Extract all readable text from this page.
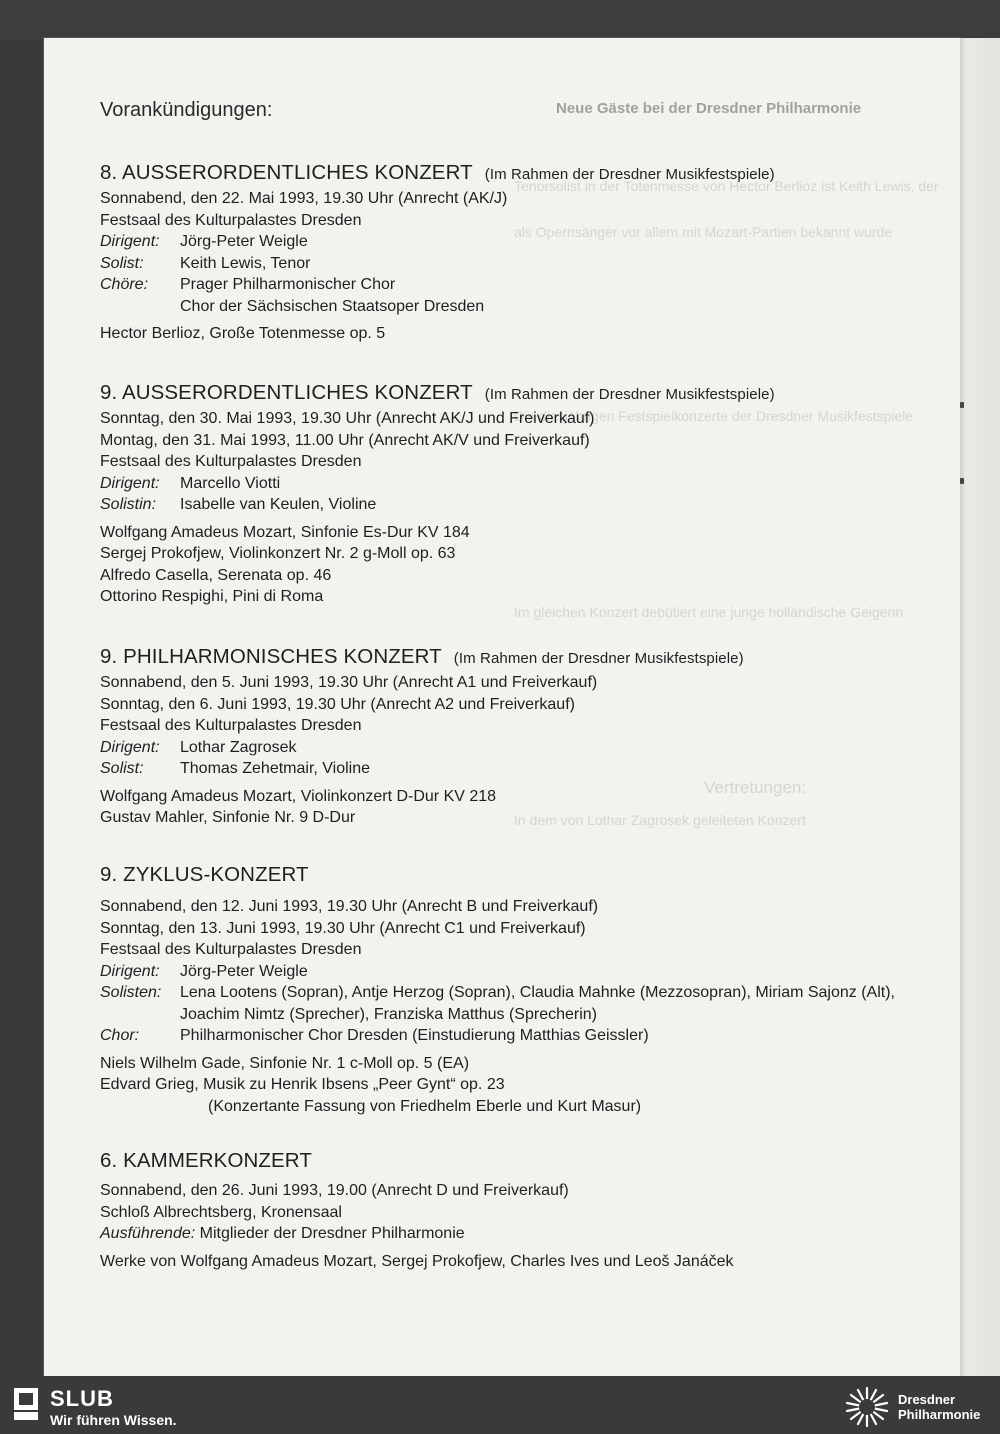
Neue Gäste bei der Dresdner Philharmonie
Tenorsolist in der Totenmesse von Hector Berlioz ist Keith Lewis, der
als Opernsänger vor allem mit Mozart-Partien bekannt wurde
Die diesjährigen Festspielkonzerte der Dresdner Musikfestspiele
Im gleichen Konzert debütiert eine junge holländische Geigerin
In dem von Lothar Zagrosek geleiteten Konzert
Vertretungen:
Vorankündigungen:
8. AUSSERORDENTLICHES KONZERT (Im Rahmen der Dresdner Musikfestspiele)
Sonnabend, den 22. Mai 1993, 19.30 Uhr (Anrecht (AK/J)
Festsaal des Kulturpalastes Dresden
Dirigent:	Jörg-Peter Weigle
Solist:	Keith Lewis, Tenor
Chöre:	Prager Philharmonischer Chor
Chor der Sächsischen Staatsoper Dresden
Hector Berlioz, Große Totenmesse op. 5
9. AUSSERORDENTLICHES KONZERT (Im Rahmen der Dresdner Musikfestspiele)
Sonntag, den 30. Mai 1993, 19.30 Uhr (Anrecht AK/J und Freiverkauf)
Montag, den 31. Mai 1993, 11.00 Uhr (Anrecht AK/V und Freiverkauf)
Festsaal des Kulturpalastes Dresden
Dirigent:	Marcello Viotti
Solistin:	Isabelle van Keulen, Violine
Wolfgang Amadeus Mozart, Sinfonie Es-Dur KV 184
Sergej Prokofjew, Violinkonzert Nr. 2 g-Moll op. 63
Alfredo Casella, Serenata op. 46
Ottorino Respighi, Pini di Roma
9. PHILHARMONISCHES KONZERT (Im Rahmen der Dresdner Musikfestspiele)
Sonnabend, den 5. Juni 1993, 19.30 Uhr (Anrecht A1 und Freiverkauf)
Sonntag, den 6. Juni 1993, 19.30 Uhr (Anrecht A2 und Freiverkauf)
Festsaal des Kulturpalastes Dresden
Dirigent:	Lothar Zagrosek
Solist:	Thomas Zehetmair, Violine
Wolfgang Amadeus Mozart, Violinkonzert D-Dur KV 218
Gustav Mahler, Sinfonie Nr. 9 D-Dur
9. ZYKLUS-KONZERT
Sonnabend, den 12. Juni 1993, 19.30 Uhr (Anrecht B und Freiverkauf)
Sonntag, den 13. Juni 1993, 19.30 Uhr (Anrecht C1 und Freiverkauf)
Festsaal des Kulturpalastes Dresden
Dirigent:	Jörg-Peter Weigle
Solisten:	Lena Lootens (Sopran), Antje Herzog (Sopran), Claudia Mahnke (Mezzosopran), Miriam Sajonz (Alt),
Joachim Nimtz (Sprecher), Franziska Matthus (Sprecherin)
Chor:	Philharmonischer Chor Dresden (Einstudierung Matthias Geissler)
Niels Wilhelm Gade, Sinfonie Nr. 1 c-Moll op. 5 (EA)
Edvard Grieg, Musik zu Henrik Ibsens „Peer Gynt“ op. 23
(Konzertante Fassung von Friedhelm Eberle und Kurt Masur)
6. KAMMERKONZERT
Sonnabend, den 26. Juni 1993, 19.00 (Anrecht D und Freiverkauf)
Schloß Albrechtsberg, Kronensaal
Ausführende: Mitglieder der Dresdner Philharmonie
Werke von Wolfgang Amadeus Mozart, Sergej Prokofjew, Charles Ives und Leoš Janáček
SLUB
Wir führen Wissen.
Dresdner
Philharmonie
